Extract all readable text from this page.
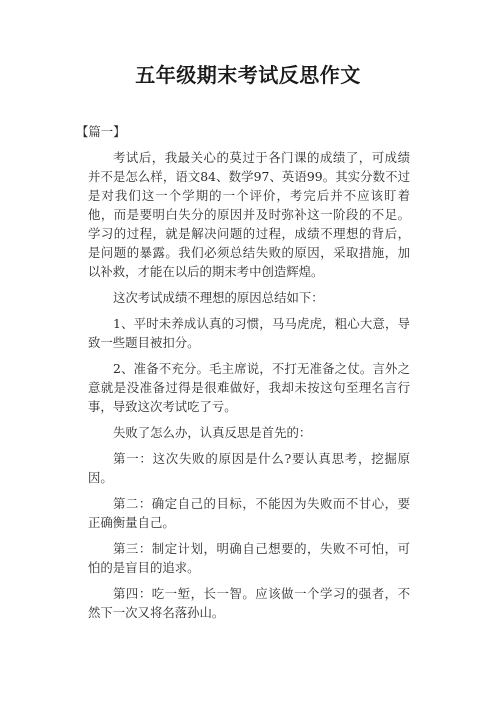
五年级期末考试反思作文
【篇一】

考试后，我最关心的莫过于各门课的成绩了，可成绩并不是怎么样，语文84、数学97、英语99。其实分数不过是对我们这一个学期的一个评价，考完后并不应该盯着他，而是要明白失分的原因并及时弥补这一阶段的不足。学习的过程，就是解决问题的过程，成绩不理想的背后，是问题的暴露。我们必须总结失败的原因，采取措施，加以补救，才能在以后的期末考中创造辉煌。

这次考试成绩不理想的原因总结如下：

1、平时未养成认真的习惯，马马虎虎，粗心大意，导致一些题目被扣分。

2、准备不充分。毛主席说，不打无准备之仗。言外之意就是没准备过得是很难做好，我却未按这句至理名言行事，导致这次考试吃了亏。

失败了怎么办，认真反思是首先的：

第一：这次失败的原因是什么?要认真思考，挖掘原因。

第二：确定自己的目标，不能因为失败而不甘心，要正确衡量自己。

第三：制定计划，明确自己想要的，失败不可怕，可怕的是盲目的追求。

第四：吃一堑，长一智。应该做一个学习的强者，不然下一次又将名落孙山。
